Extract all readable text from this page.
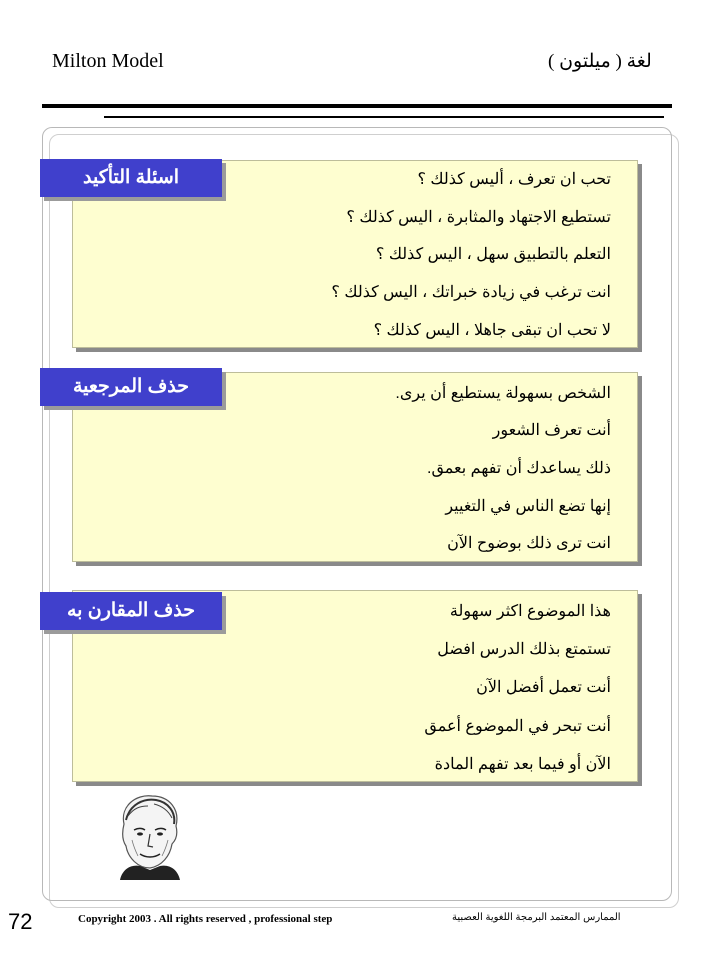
Milton Model	لغة ( ميلتون )
تحب ان تعرف ، أليس كذلك ؟
تستطيع الاجتهاد والمثابرة ، اليس كذلك ؟
التعلم بالتطبيق سهل ، اليس كذلك ؟
انت ترغب في زيادة خبراتك ، اليس كذلك ؟
لا تحب ان تبقى جاهلا ، اليس كذلك ؟
اسئلة التأكيد
الشخص بسهولة يستطيع أن يرى.
أنت تعرف الشعور
ذلك يساعدك أن تفهم بعمق.
إنها تضع الناس في التغيير
انت ترى ذلك بوضوح الآن
حذف المرجعية
هذا الموضوع اكثر سهولة
تستمتع بذلك الدرس افضل
أنت تعمل أفضل الآن
أنت تبحر في الموضوع أعمق
الآن أو فيما بعد تفهم المادة
حذف المقارن به
72	Copyright 2003 . All rights reserved , professional step	الممارس المعتمد البرمجة اللغوية العصبية
